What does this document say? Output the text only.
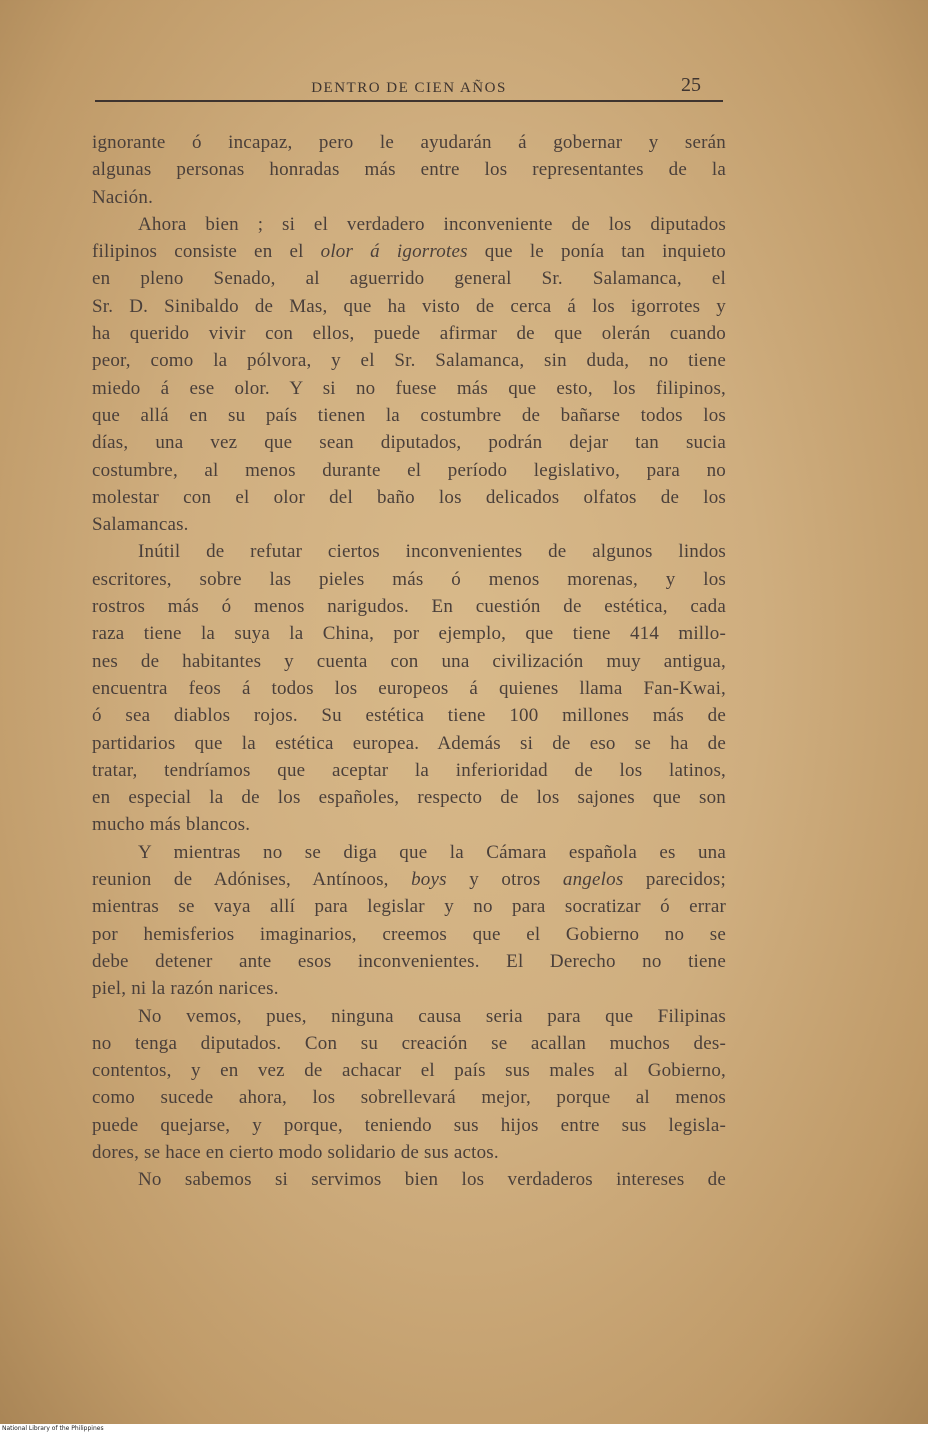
DENTRO DE CIEN AÑOS	25
ignorante ó incapaz, pero le ayudarán á gobernar y serán
algunas personas honradas más entre los representantes de la
Nación.
Ahora bien ; si el verdadero inconveniente de los diputados
filipinos consiste en el olor á igorrotes que le ponía tan inquieto
en pleno Senado, al aguerrido general Sr. Salamanca, el
Sr. D. Sinibaldo de Mas, que ha visto de cerca á los igorrotes y
ha querido vivir con ellos, puede afirmar de que olerán cuando
peor, como la pólvora, y el Sr. Salamanca, sin duda, no tiene
miedo á ese olor. Y si no fuese más que esto, los filipinos,
que allá en su país tienen la costumbre de bañarse todos los
días, una vez que sean diputados, podrán dejar tan sucia
costumbre, al menos durante el período legislativo, para no
molestar con el olor del baño los delicados olfatos de los
Salamancas.
Inútil de refutar ciertos inconvenientes de algunos lindos
escritores, sobre las pieles más ó menos morenas, y los
rostros más ó menos narigudos. En cuestión de estética, cada
raza tiene la suya la China, por ejemplo, que tiene 414 millo-
nes de habitantes y cuenta con una civilización muy antigua,
encuentra feos á todos los europeos á quienes llama Fan-Kwai,
ó sea diablos rojos. Su estética tiene 100 millones más de
partidarios que la estética europea. Además si de eso se ha de
tratar, tendríamos que aceptar la inferioridad de los latinos,
en especial la de los españoles, respecto de los sajones que son
mucho más blancos.
Y mientras no se diga que la Cámara española es una
reunion de Adónises, Antínoos, boys y otros angelos parecidos;
mientras se vaya allí para legislar y no para socratizar ó errar
por hemisferios imaginarios, creemos que el Gobierno no se
debe detener ante esos inconvenientes. El Derecho no tiene
piel, ni la razón narices.
No vemos, pues, ninguna causa seria para que Filipinas
no tenga diputados. Con su creación se acallan muchos des-
contentos, y en vez de achacar el país sus males al Gobierno,
como sucede ahora, los sobrellevará mejor, porque al menos
puede quejarse, y porque, teniendo sus hijos entre sus legisla-
dores, se hace en cierto modo solidario de sus actos.
No sabemos si servimos bien los verdaderos intereses de
National Library of the Philippines
